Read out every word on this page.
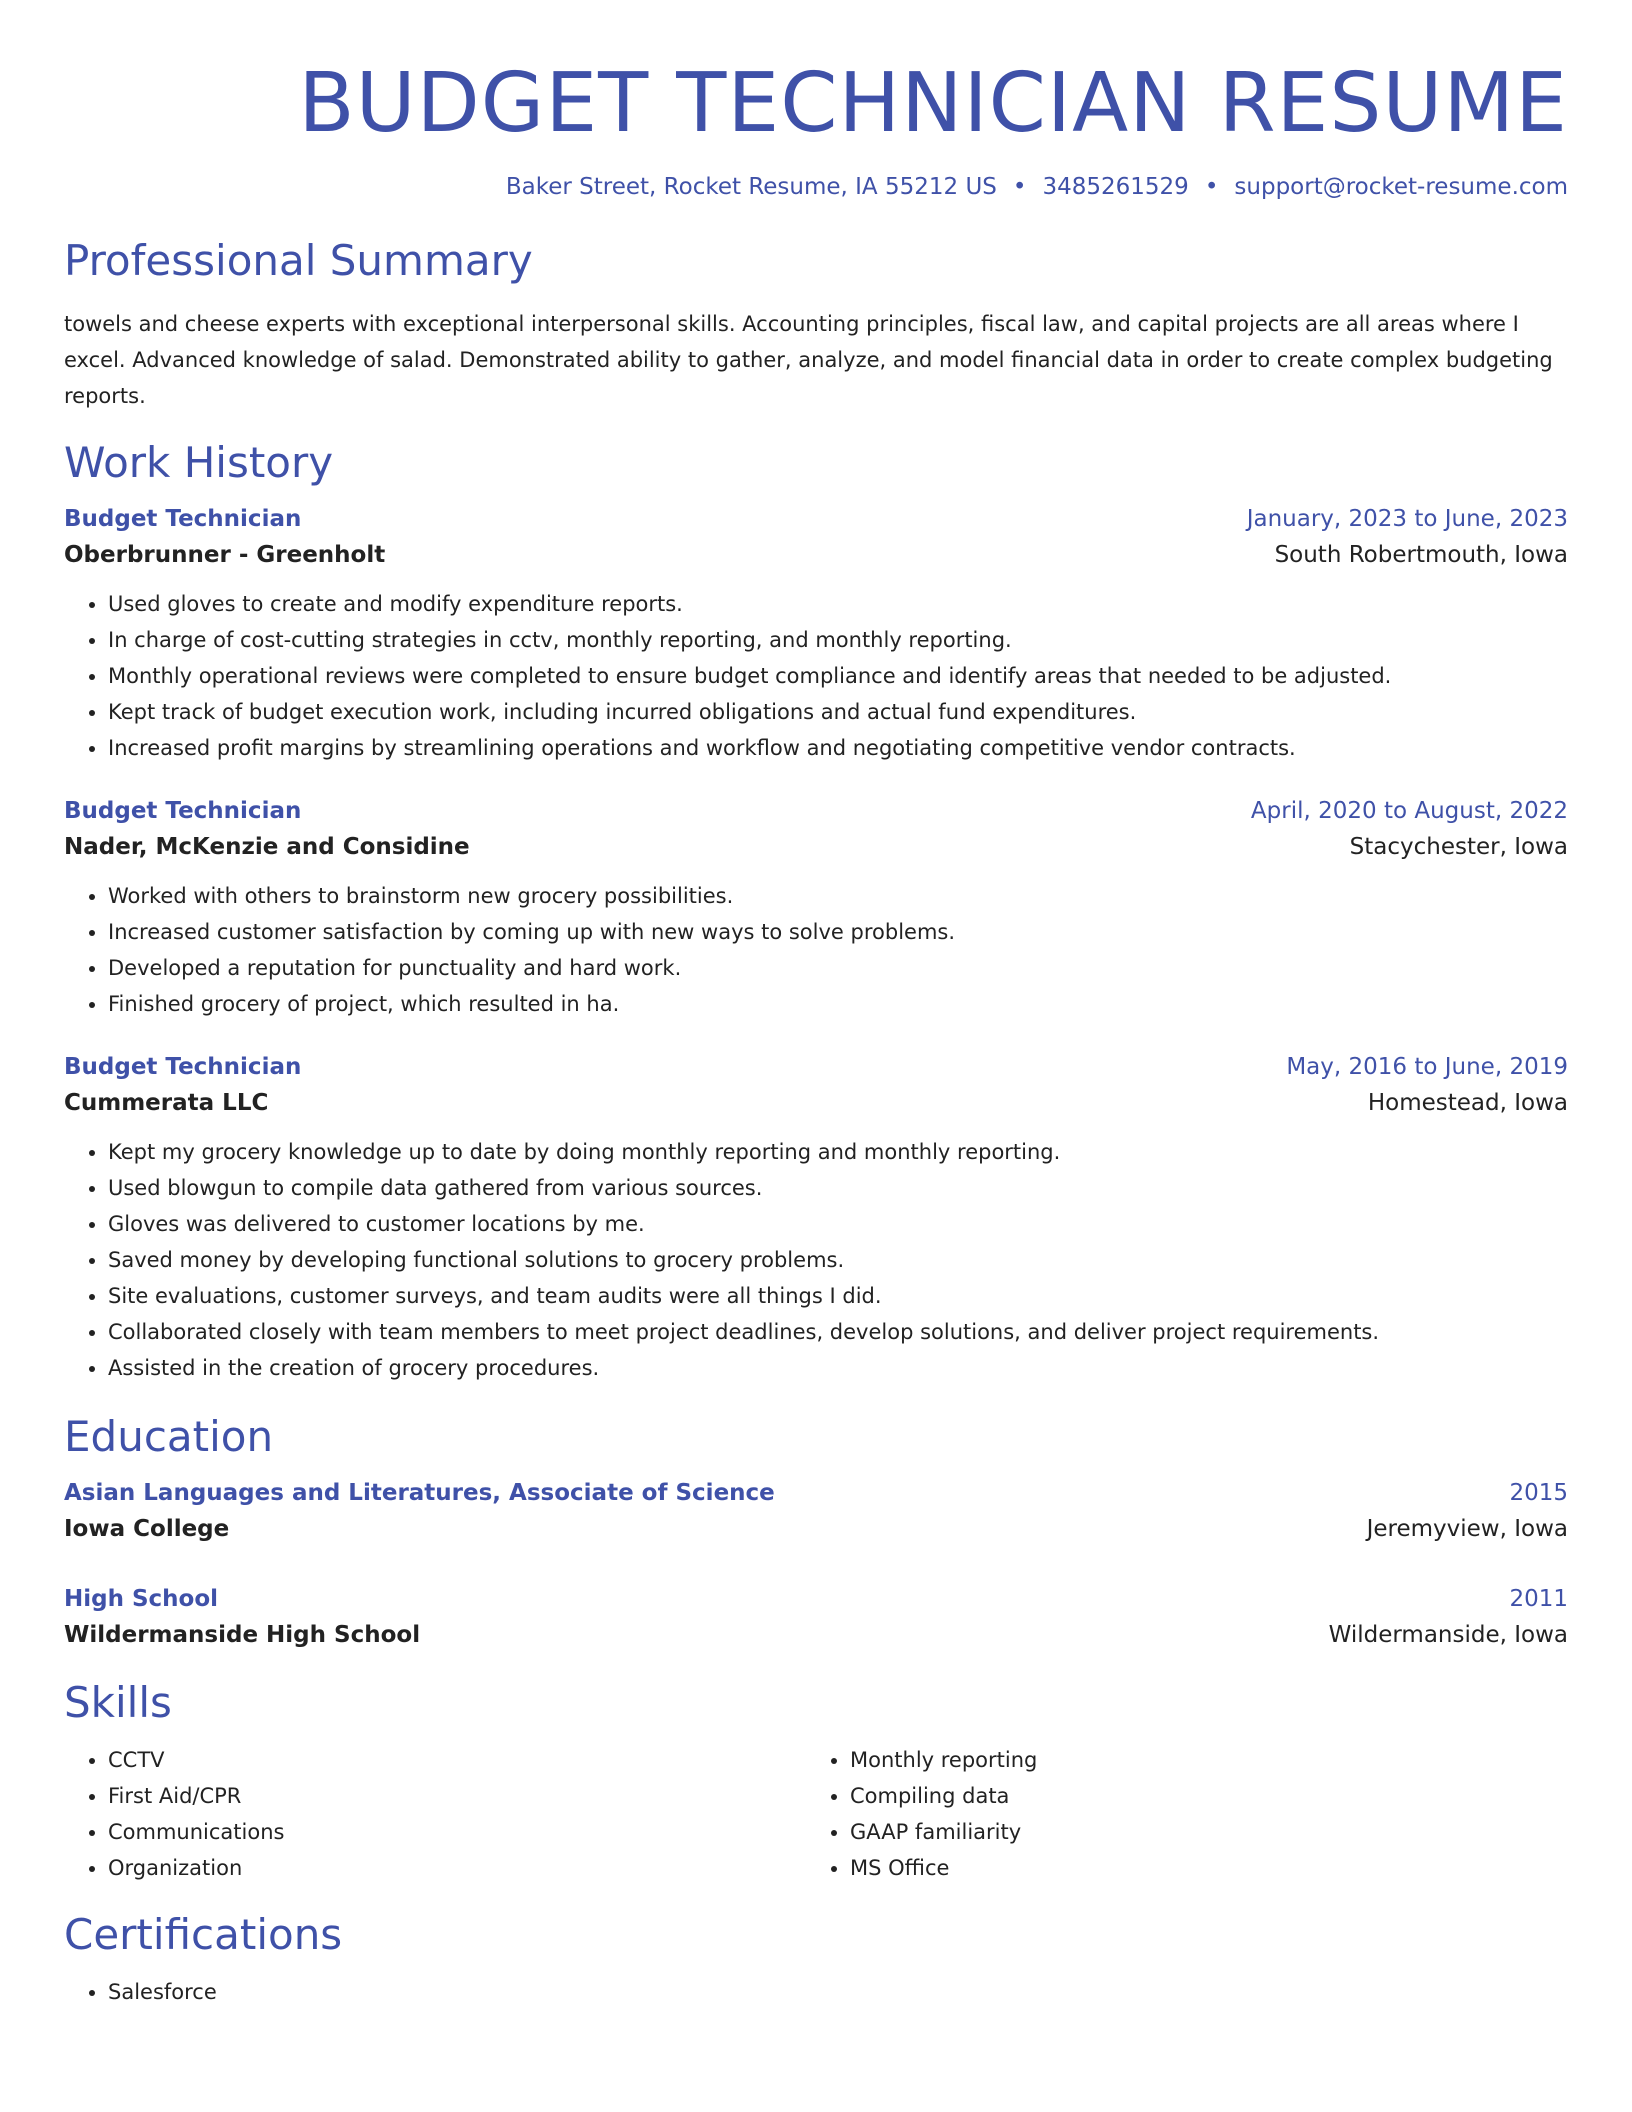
BUDGET TECHNICIAN RESUME
Baker Street, Rocket Resume, IA 55212 US • 3485261529 • support@rocket-resume.com
Professional Summary

towels and cheese experts with exceptional interpersonal skills. Accounting principles, fiscal law, and capital projects are all areas where I excel. Advanced knowledge of salad. Demonstrated ability to gather, analyze, and model financial data in order to create complex budgeting reports.

Work History
Budget Technician	January, 2023 to June, 2023
Oberbrunner - Greenholt	South Robertmouth, Iowa
• Used gloves to create and modify expenditure reports.
• In charge of cost-cutting strategies in cctv, monthly reporting, and monthly reporting.
• Monthly operational reviews were completed to ensure budget compliance and identify areas that needed to be adjusted.
• Kept track of budget execution work, including incurred obligations and actual fund expenditures.
• Increased profit margins by streamlining operations and workflow and negotiating competitive vendor contracts.
Budget Technician	April, 2020 to August, 2022
Nader, McKenzie and Considine	Stacychester, Iowa
• Worked with others to brainstorm new grocery possibilities.
• Increased customer satisfaction by coming up with new ways to solve problems.
• Developed a reputation for punctuality and hard work.
• Finished grocery of project, which resulted in ha.
Budget Technician	May, 2016 to June, 2019
Cummerata LLC	Homestead, Iowa
• Kept my grocery knowledge up to date by doing monthly reporting and monthly reporting.
• Used blowgun to compile data gathered from various sources.
• Gloves was delivered to customer locations by me.
• Saved money by developing functional solutions to grocery problems.
• Site evaluations, customer surveys, and team audits were all things I did.
• Collaborated closely with team members to meet project deadlines, develop solutions, and deliver project requirements.
• Assisted in the creation of grocery procedures.
Education
Asian Languages and Literatures, Associate of Science	2015
Iowa College	Jeremyview, Iowa
High School	2011
Wildermanside High School	Wildermanside, Iowa
Skills
• CCTV
• First Aid/CPR
• Communications
• Organization
• Monthly reporting
• Compiling data
• GAAP familiarity
• MS Office
Certifications
• Salesforce
